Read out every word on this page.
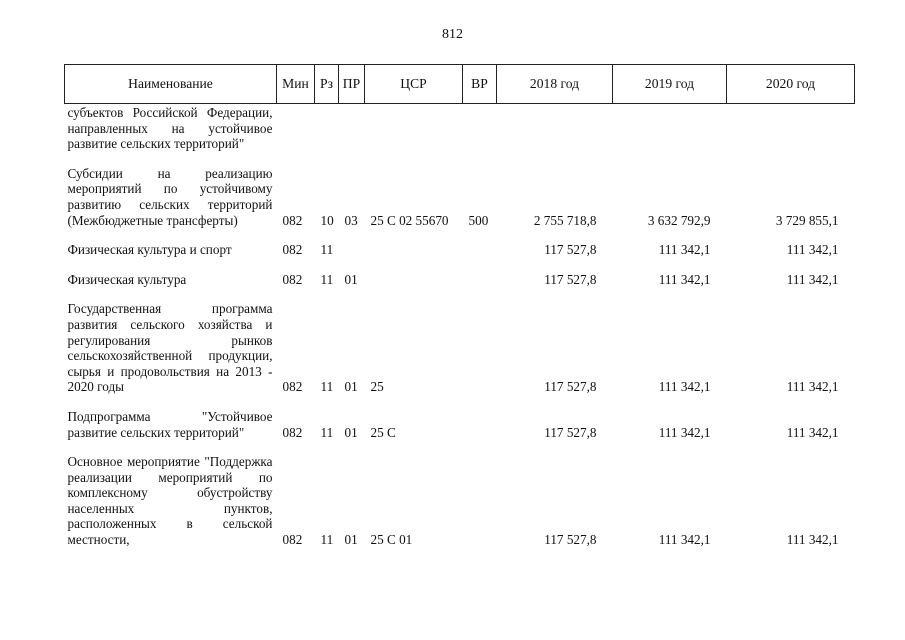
812
Наименование	Мин	Рз	ПР	ЦСР	ВР	2018 год	2019 год	2020 год
субъектов Российской Федерации, направленных на устойчивое развитие сельских территорий"								

Субсидии на реализацию мероприятий по устойчивому развитию сельских территорий (Межбюджетные трансферты)	082	10	03	25 С 02 55670	500	2 755 718,8	3 632 792,9	3 729 855,1

Физическая культура и спорт	082	11				117 527,8	111 342,1	111 342,1

Физическая культура	082	11	01			117 527,8	111 342,1	111 342,1

Государственная программа развития сельского хозяйства и регулирования рынков сельскохозяйственной продукции, сырья и продовольствия на 2013 - 2020 годы	082	11	01	25		117 527,8	111 342,1	111 342,1

Подпрограмма "Устойчивое развитие сельских территорий"	082	11	01	25 С		117 527,8	111 342,1	111 342,1

Основное мероприятие "Поддержка реализации мероприятий по комплексному обустройству населенных пунктов, расположенных в сельской местности,	082	11	01	25 С 01		117 527,8	111 342,1	111 342,1
